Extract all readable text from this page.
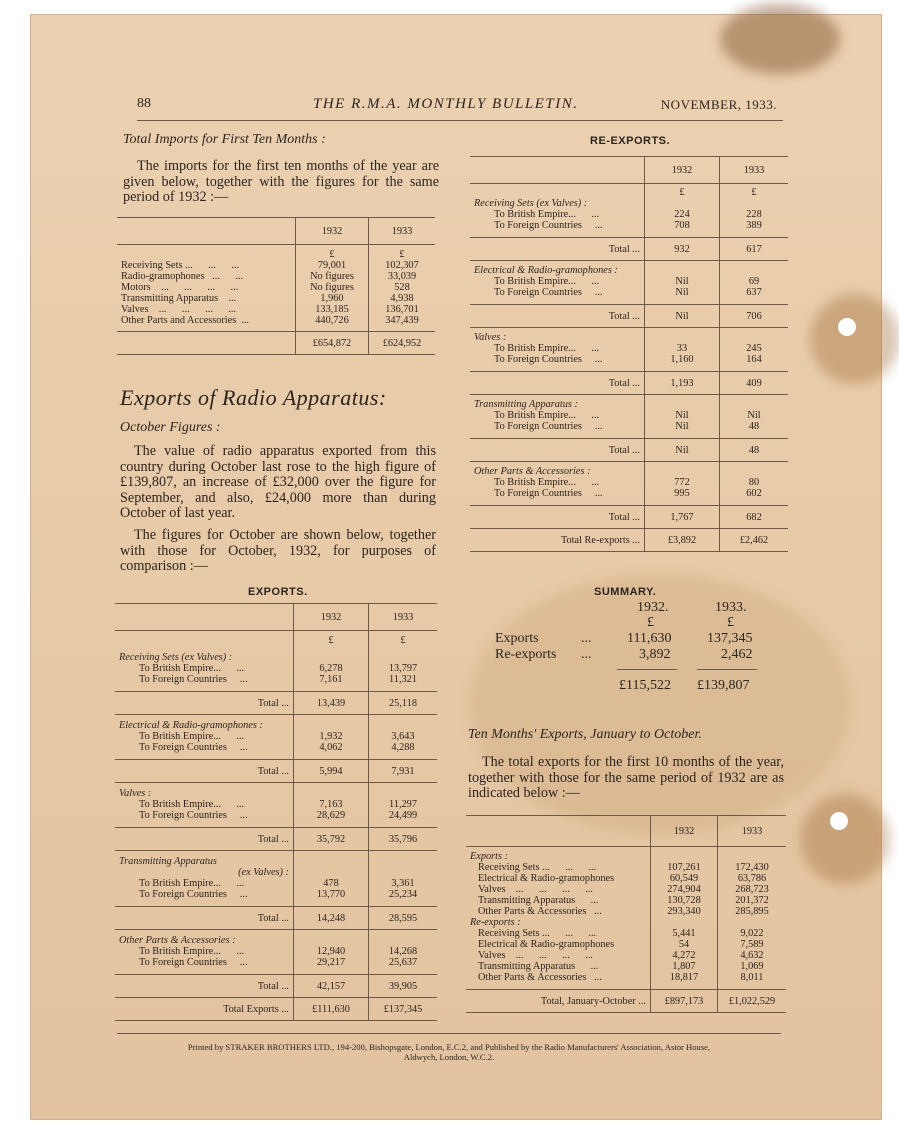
88	THE R.M.A. MONTHLY BULLETIN.	NOVEMBER, 1933.
Total Imports for First Ten Months :
The imports for the first ten months of the year are given below, together with the figures for the same period of 1932 :—
	1932	1933
	£	£
Receiving Sets ...      ...      ...	79,001	102,307
Radio-gramophones   ...      ...	No figures	33,039
Motors    ...      ...      ...      ...	No figures	528
Transmitting Apparatus    ...	1,960	4,938
Valves    ...      ...      ...      ...	133,185	136,701
Other Parts and Accessories  ...	440,726	347,439
	£654,872	£624,952
Exports of Radio Apparatus:
October Figures :
The value of radio apparatus exported from this country during October last rose to the high figure of £139,807, an increase of £32,000 over the figure for September, and also, £24,000 more than during October of last year.
The figures for October are shown below, together with those for October, 1932, for purposes of comparison :—
EXPORTS.
	1932	1933
	£	£
Receiving Sets (ex Valves) :		
To British Empire...      ...	6,278	13,797
To Foreign Countries     ...	7,161	11,321
Total ...	13,439	25,118
Electrical & Radio-gramophones :		
To British Empire...      ...	1,932	3,643
To Foreign Countries     ...	4,062	4,288
Total ...	5,994	7,931
Valves :		
To British Empire...      ...	7,163	11,297
To Foreign Countries     ...	28,629	24,499
Total ...	35,792	35,796
Transmitting Apparatus		
(ex Valves) :		
To British Empire...      ...	478	3,361
To Foreign Countries     ...	13,770	25,234
Total ...	14,248	28,595
Other Parts & Accessories :		
To British Empire...      ...	12,940	14,268
To Foreign Countries     ...	29,217	25,637
Total ...	42,157	39,905
Total Exports ...	£111,630	£137,345
RE-EXPORTS.
	1932	1933
	£	£
Receiving Sets (ex Valves) :		
To British Empire...      ...	224	228
To Foreign Countries     ...	708	389
Total ...	932	617
Electrical & Radio-gramophones :		
To British Empire...      ...	Nil	69
To Foreign Countries     ...	Nil	637
Total ...	Nil	706
Valves :		
To British Empire...      ...	33	245
To Foreign Countries     ...	1,160	164
Total ...	1,193	409
Transmitting Apparatus :		
To British Empire...      ...	Nil	Nil
To Foreign Countries     ...	Nil	48
Total ...	Nil	48
Other Parts & Accessories :		
To British Empire...      ...	772	80
To Foreign Countries     ...	995	602
Total ...	1,767	682
Total Re-exports ...	£3,892	£2,462
SUMMARY.
1932.	1933.
£	£
Exports	...	111,630	137,345
Re-exports ...	3,892	2,462
£115,522 £139,807
Ten Months' Exports, January to October.
The total exports for the first 10 months of the year, together with those for the same period of 1932 are as indicated below :—
	1932	1933
Exports :		
Receiving Sets ...      ...      ...	107,261	172,430
Electrical & Radio-gramophones	60,549	63,786
Valves    ...      ...      ...      ...	274,904	268,723
Transmitting Apparatus      ...	130,728	201,372
Other Parts & Accessories   ...	293,340	285,895
Re-exports :		
Receiving Sets ...      ...      ...	5,441	9,022
Electrical & Radio-gramophones	54	7,589
Valves    ...      ...      ...      ...	4,272	4,632
Transmitting Apparatus      ...	1,807	1,069
Other Parts & Accessories   ...	18,817	8,011
Total, January-October ...	£897,173	£1,022,529
Printed by STRAKER BROTHERS LTD., 194-200, Bishopsgate, London, E.C.2, and Published by the Radio Manufacturers' Association, Astor House,
Aldwych, London, W.C.2.
